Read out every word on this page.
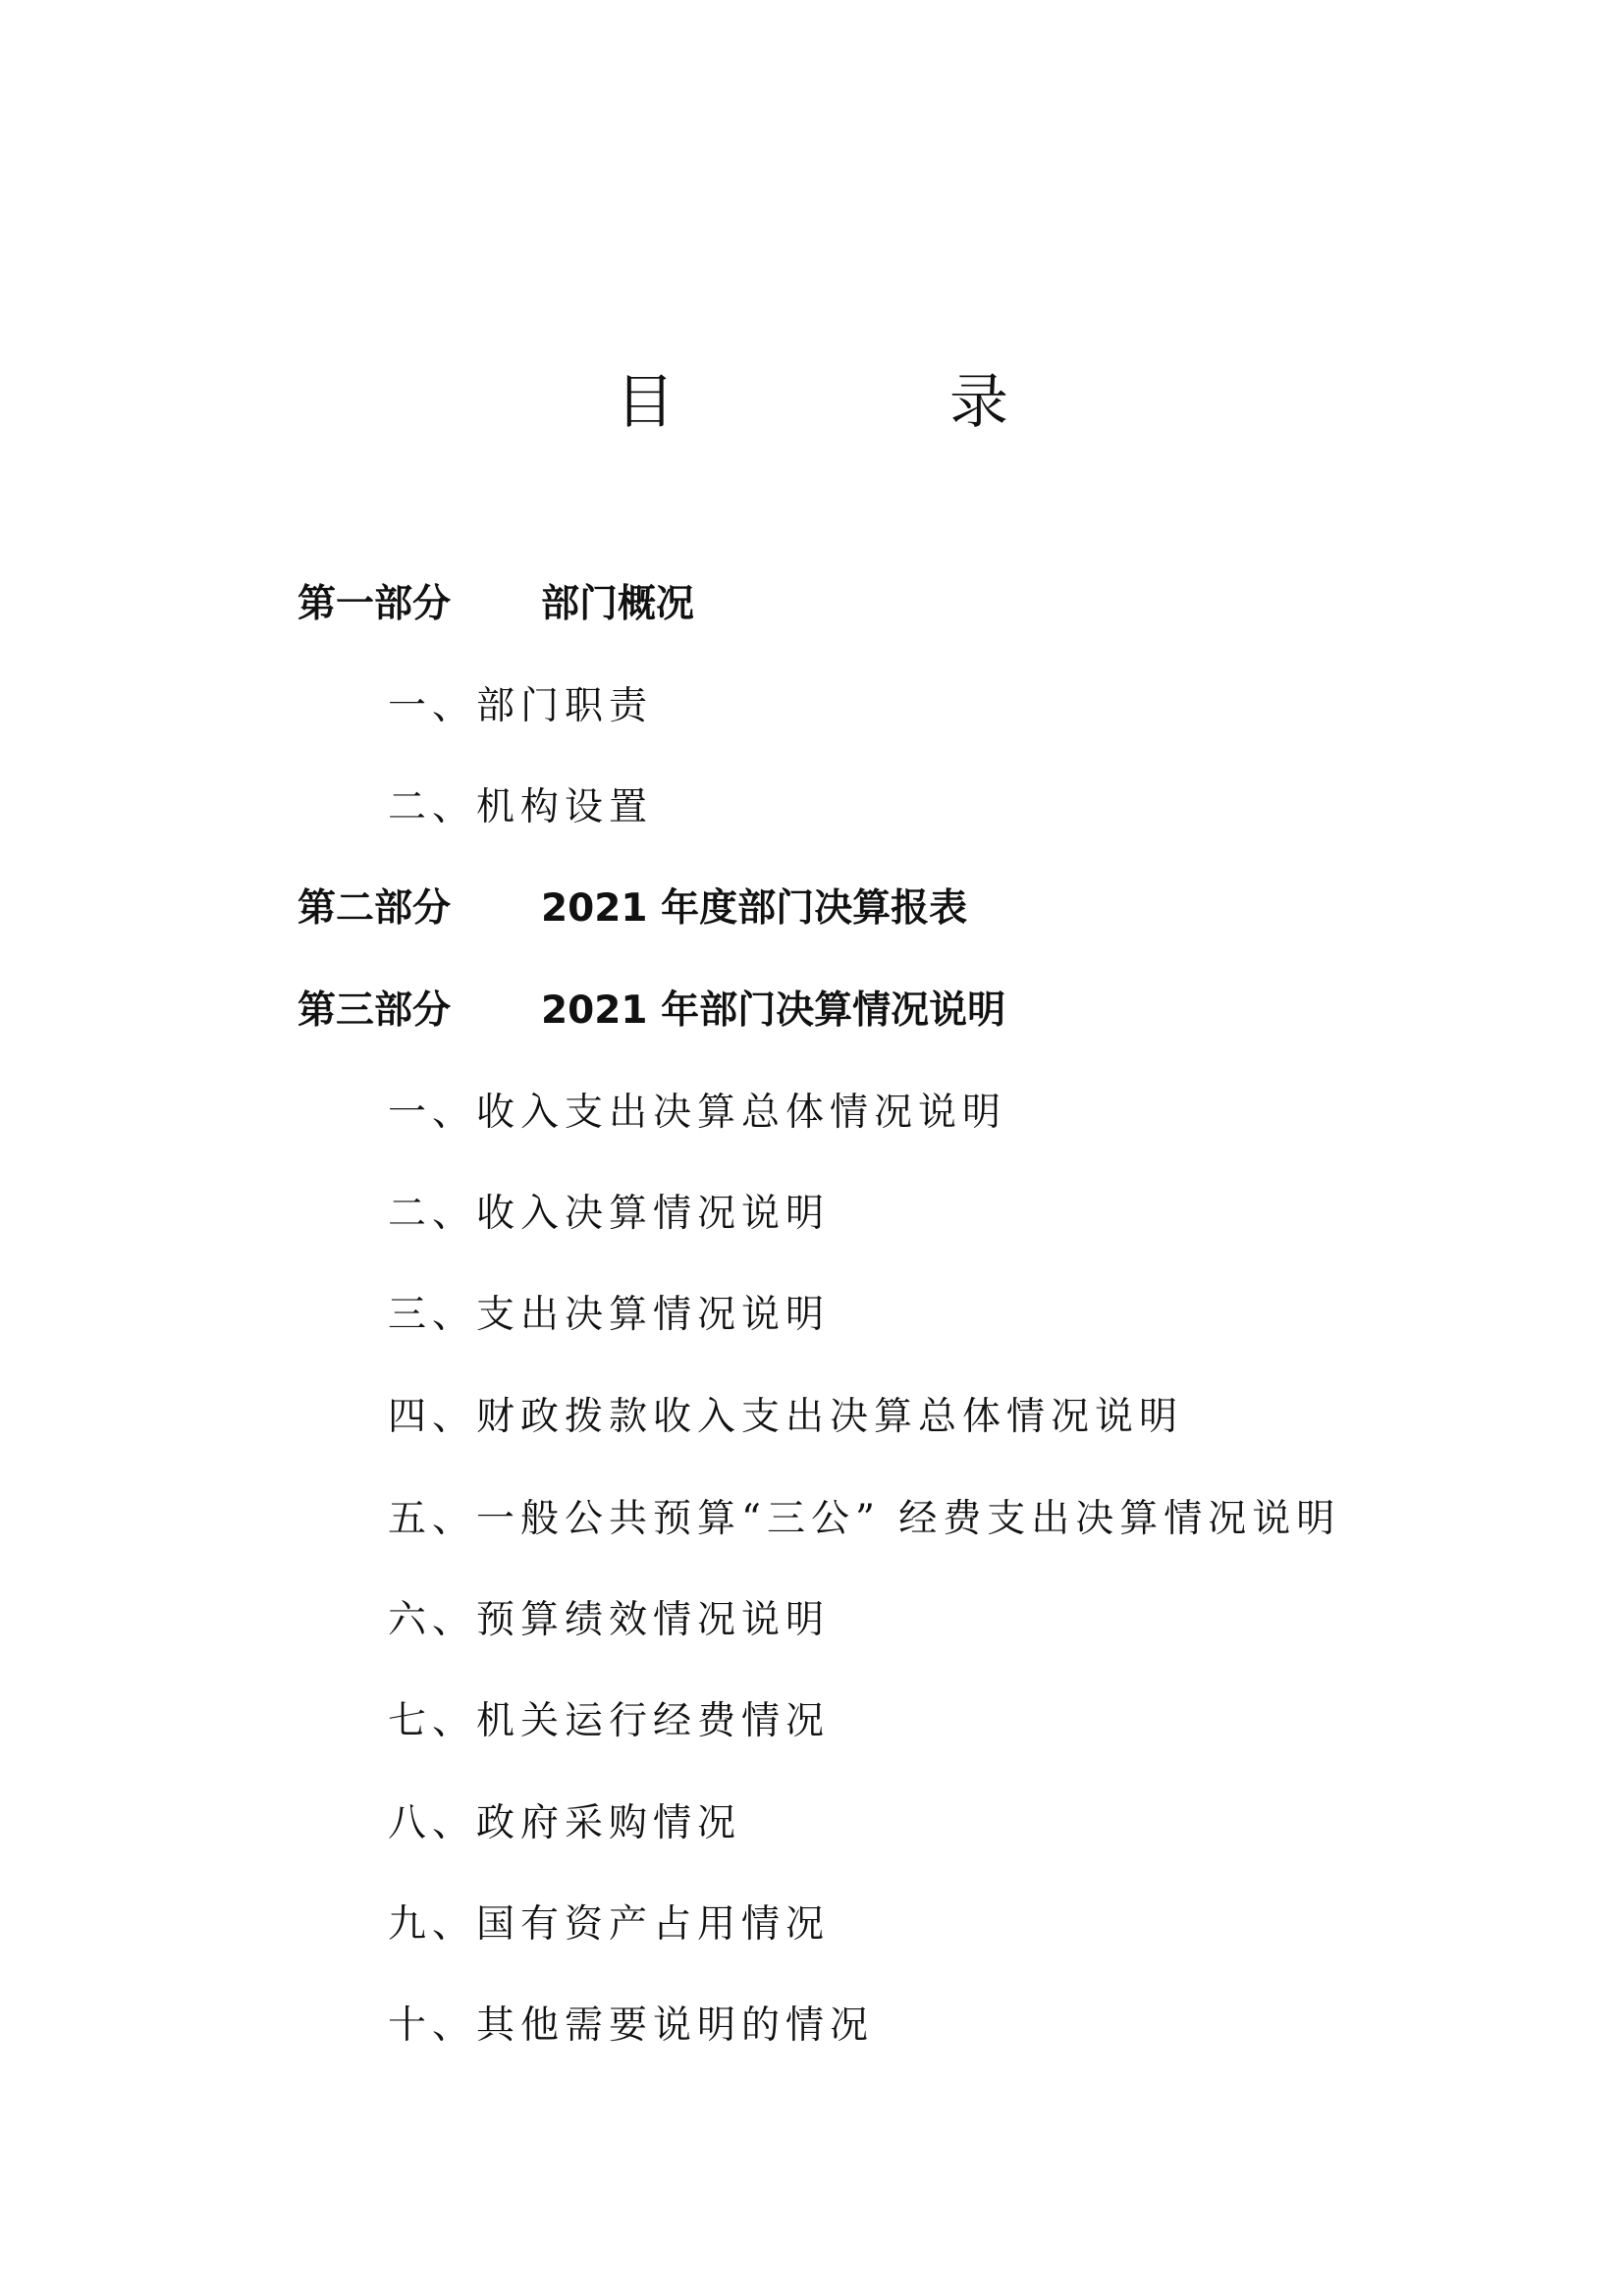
目　录
第一部分 部门概况
一、部门职责
二、机构设置
第二部分 2021 年度部门决算报表
第三部分 2021 年部门决算情况说明
一、收入支出决算总体情况说明
二、收入决算情况说明
三、支出决算情况说明
四、财政拨款收入支出决算总体情况说明
五、一般公共预算“三公” 经费支出决算情况说明
六、预算绩效情况说明
七、机关运行经费情况
八、政府采购情况
九、国有资产占用情况
十、其他需要说明的情况
